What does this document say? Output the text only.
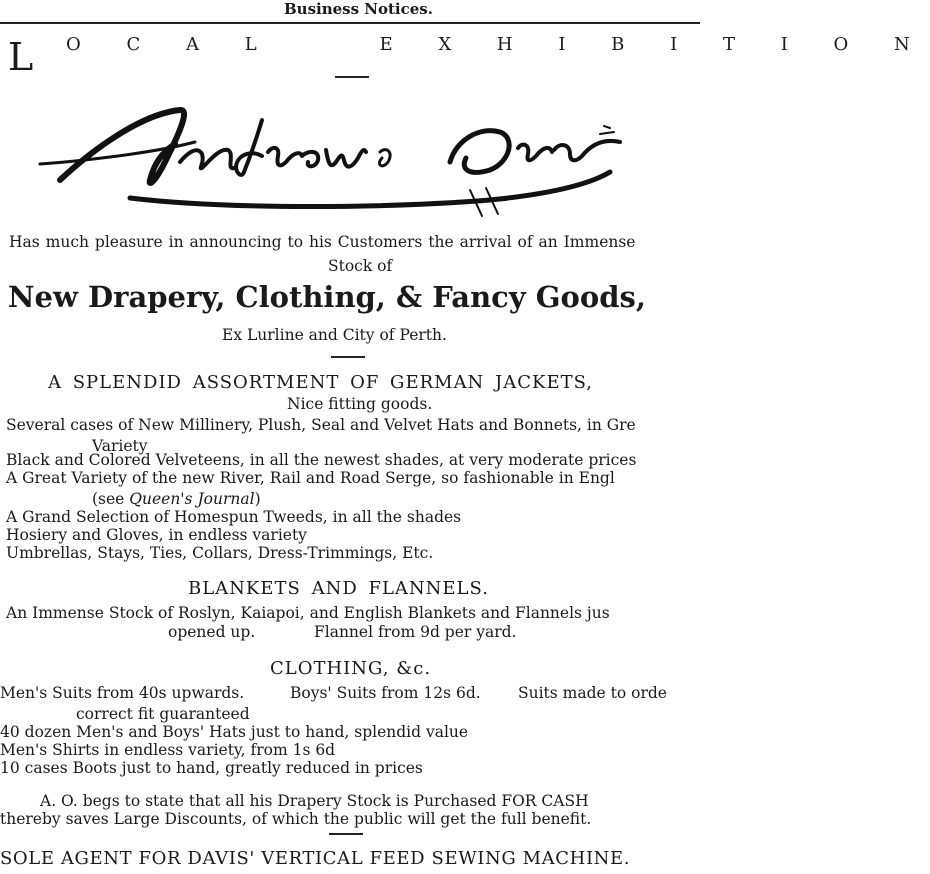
Business Notices.
L O C A L    E X H I B I T I O N
Has much pleasure in announcing to his Customers the arrival of an Immense
Stock of
New Drapery, Clothing, & Fancy Goods,
Ex Lurline and City of Perth.
A SPLENDID ASSORTMENT OF GERMAN JACKETS,
Nice fitting goods.
Several cases of New Millinery, Plush, Seal and Velvet Hats and Bonnets, in Gre
Variety
Black and Colored Velveteens, in all the newest shades, at very moderate prices
A Great Variety of the new River, Rail and Road Serge, so fashionable in Engl
(see Queen's Journal)
A Grand Selection of Homespun Tweeds, in all the shades
Hosiery and Gloves, in endless variety
Umbrellas, Stays, Ties, Collars, Dress-Trimmings, Etc.
BLANKETS AND FLANNELS.
An Immense Stock of Roslyn, Kaiapoi, and English Blankets and Flannels jus
opened up.	Flannel from 9d per yard.
CLOTHING, &c.
Men's Suits from 40s upwards.	Boys' Suits from 12s 6d. Suits made to orde
correct fit guaranteed
40 dozen Men's and Boys' Hats just to hand, splendid value
Men's Shirts in endless variety, from 1s 6d
10 cases Boots just to hand, greatly reduced in prices
A. O. begs to state that all his Drapery Stock is Purchased FOR CASH
thereby saves Large Discounts, of which the public will get the full benefit.
SOLE AGENT FOR DAVIS' VERTICAL FEED SEWING MACHINE.
